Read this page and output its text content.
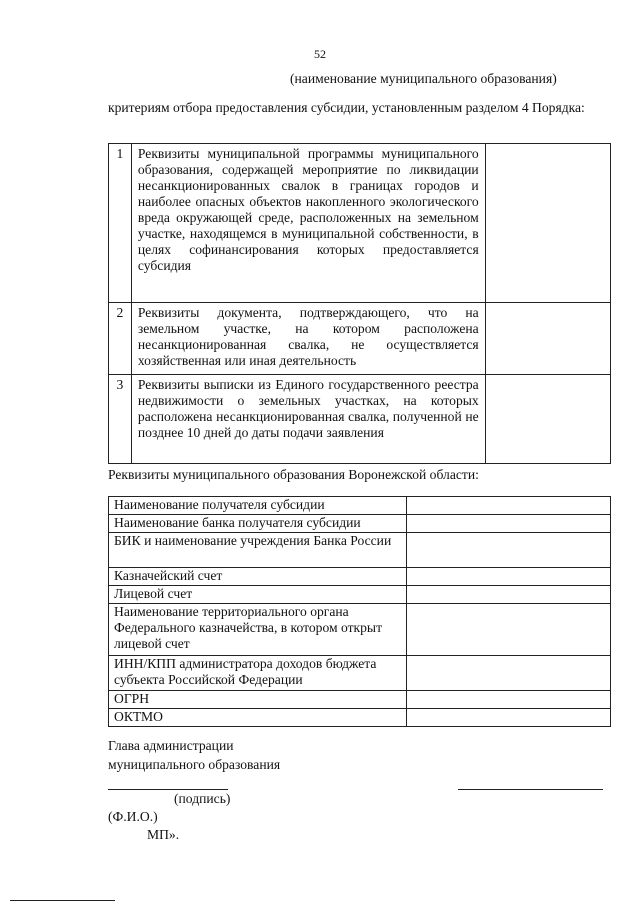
52
(наименование муниципального образования)
критериям отбора предоставления субсидии, установленным разделом 4 Порядка:
1	Реквизиты муниципальной программы муниципального образования, содержащей мероприятие по ликвидации несанкционированных свалок в границах городов и наиболее опасных объектов накопленного экологического вреда окружающей среде, расположенных на земельном участке, находящемся в муниципальной собственности, в целях софинансирования которых предоставляется субсидия	
2	Реквизиты документа, подтверждающего, что на земельном участке, на котором расположена несанкционированная свалка, не осуществляется хозяйственная или иная деятельность	
3	Реквизиты выписки из Единого государственного реестра недвижимости о земельных участках, на которых расположена несанкционированная свалка, полученной не позднее 10 дней до даты подачи заявления	
Реквизиты муниципального образования Воронежской области:
Наименование получателя субсидии	
Наименование банка получателя субсидии	
БИК и наименование учреждения Банка России	
Казначейский счет	
Лицевой счет	
Наименование территориального органа Федерального казначейства, в котором открыт лицевой счет	
ИНН/КПП администратора доходов бюджета субъекта Российской Федерации	
ОГРН	
ОКТМО	
Глава администрации
муниципального образования
(подпись)
(Ф.И.О.)
МП».
